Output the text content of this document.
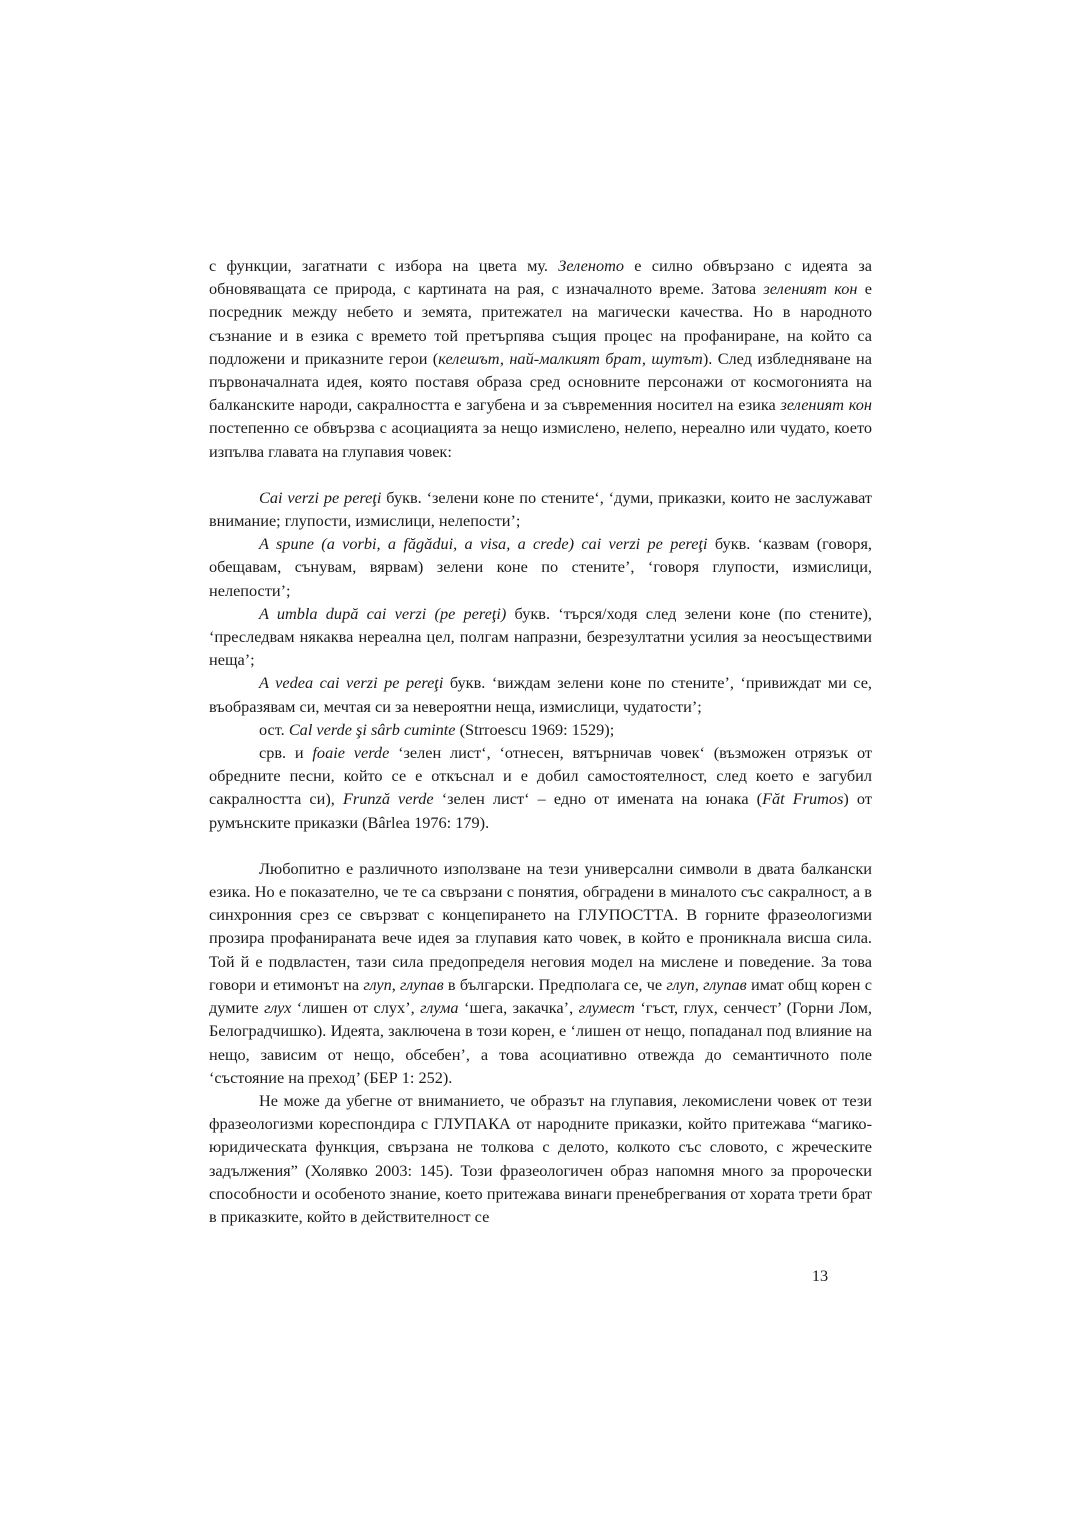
с функции, загатнати с избора на цвета му. Зеленото е силно обвързано с идеята за обновяващата се природа, с картината на рая, с изначалното време. Затова зеленият кон е посредник между небето и земята, притежател на магически качества. Но в народното съзнание и в езика с времето той претърпява същия процес на профаниране, на който са подложени и приказните герои (келешът, най-малкият брат, шутът). След избледняване на първоначалната идея, която поставя образа сред основните персонажи от космогонията на балканските народи, сакралността е загубена и за съвременния носител на езика зеленият кон постепенно се обвързва с асоциацията за нещо измислено, нелепо, нереално или чудато, което изпълва главата на глупавия човек:

Cai verzi pe pereţi букв. ‘зелени коне по стените‘, ‘думи, приказки, които не заслужават внимание; глупости, измислици, нелепости’;

A spune (a vorbi, a făgădui, a visa, a crede) cai verzi pe pereţi букв. ‘казвам (говоря, обещавам, сънувам, вярвам) зелени коне по стените’, ‘говоря глупости, измислици, нелепости’;

A umbla după cai verzi (pe pereţi) букв. ‘търся/ходя след зелени коне (по стените), ‘преследвам някаква нереална цел, полгам напразни, безрезултатни усилия за неосъществими неща’;

A vedea cai verzi pe pereţi букв. ‘виждам зелени коне по стените’, ‘привиждат ми се, въобразявам си, мечтая си за невероятни неща, измислици, чудатости’;

ост. Cal verde şi sârb cuminte (Strroescu 1969: 1529);

срв. и foaie verde ‘зелен лист‘, ‘отнесен, вятърничав човек‘ (възможен отрязък от обредните песни, който се е откъснал и е добил самостоятелност, след което е загубил сакралността си), Frunză verde ‘зелен лист‘ – едно от имената на юнака (Făt Frumos) от румънските приказки (Bârlea 1976: 179).

Любопитно е различното използване на тези универсални символи в двата балкански езика. Но е показателно, че те са свързани с понятия, обградени в миналото със сакралност, а в синхронния срез се свързват с концепирането на ГЛУПОСТТА. В горните фразеологизми прозира профанираната вече идея за глупавия като човек, в който е проникнала висша сила. Той й е подвластен, тази сила предопределя неговия модел на мислене и поведение. За това говори и етимонът на глуп, глупав в български. Предполага се, че глуп, глупав имат общ корен с думите глух ‘лишен от слух’, глума ‘шега, закачка’, глумест ‘гъст, глух, сенчест’ (Горни Лом, Белоградчишко). Идеята, заключена в този корен, е ‘лишен от нещо, попаданал под влияние на нещо, зависим от нещо, обсебен’, а това асоциативно отвежда до семантичното поле ‘състояние на преход’ (БЕР 1: 252).

Не може да убегне от вниманието, че образът на глупавия, лекомислени човек от тези фразеологизми кореспондира с ГЛУПАКА от народните приказки, който притежава “магико-юридическата функция, свързана не толкова с делото, колкото със словото, с жреческите задължения” (Холявко 2003: 145). Този фразеологичен образ напомня много за пророчески способности и особеното знание, което притежава винаги пренебрегвания от хората трети брат в приказките, който в действителност се

13
